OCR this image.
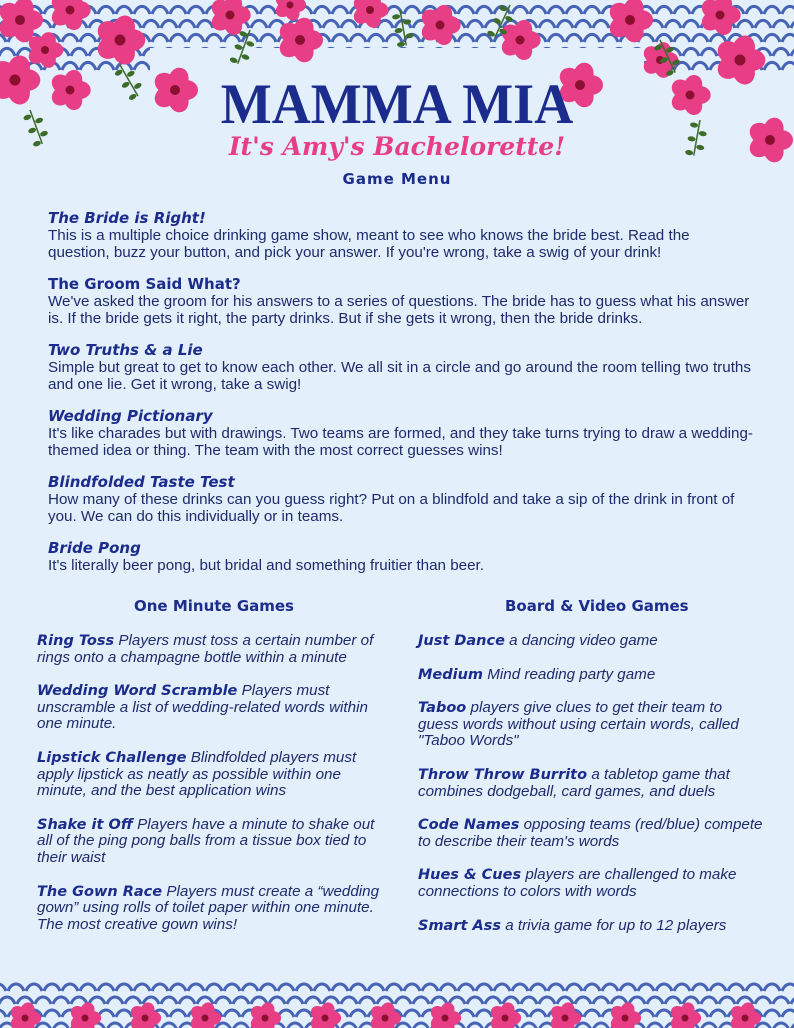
MAMMA MIA
It's Amy's Bachelorette!
Game Menu
The Bride is Right!
This is a multiple choice drinking game show, meant to see who knows the bride best. Read the question, buzz your button, and pick your answer. If you're wrong, take a swig of your drink!
The Groom Said What?
We've asked the groom for his answers to a series of questions. The bride has to guess what his answer is. If the bride gets it right, the party drinks. But if she gets it wrong, then the bride drinks.
Two Truths & a Lie
Simple but great to get to know each other. We all sit in a circle and go around the room telling two truths and one lie. Get it wrong, take a swig!
Wedding Pictionary
It's like charades but with drawings. Two teams are formed, and they take turns trying to draw a wedding-themed idea or thing. The team with the most correct guesses wins!
Blindfolded Taste Test
How many of these drinks can you guess right? Put on a blindfold and take a sip of the drink in front of you. We can do this individually or in teams.
Bride Pong
It's literally beer pong, but bridal and something fruitier than beer.
One Minute Games
Ring Toss Players must toss a certain number of rings onto a champagne bottle within a minute
Wedding Word Scramble Players must unscramble a list of wedding-related words within one minute.
Lipstick Challenge Blindfolded players must apply lipstick as neatly as possible within one minute, and the best application wins
Shake it Off Players have a minute to shake out all of the ping pong balls from a tissue box tied to their waist
The Gown Race Players must create a “wedding gown” using rolls of toilet paper within one minute. The most creative gown wins!
Board & Video Games
Just Dance a dancing video game
Medium Mind reading party game
Taboo players give clues to get their team to guess words without using certain words, called "Taboo Words"
Throw Throw Burrito a tabletop game that combines dodgeball, card games, and duels
Code Names opposing teams (red/blue) compete to describe their team's words
Hues & Cues players are challenged to make connections to colors with words
Smart Ass a trivia game for up to 12 players
